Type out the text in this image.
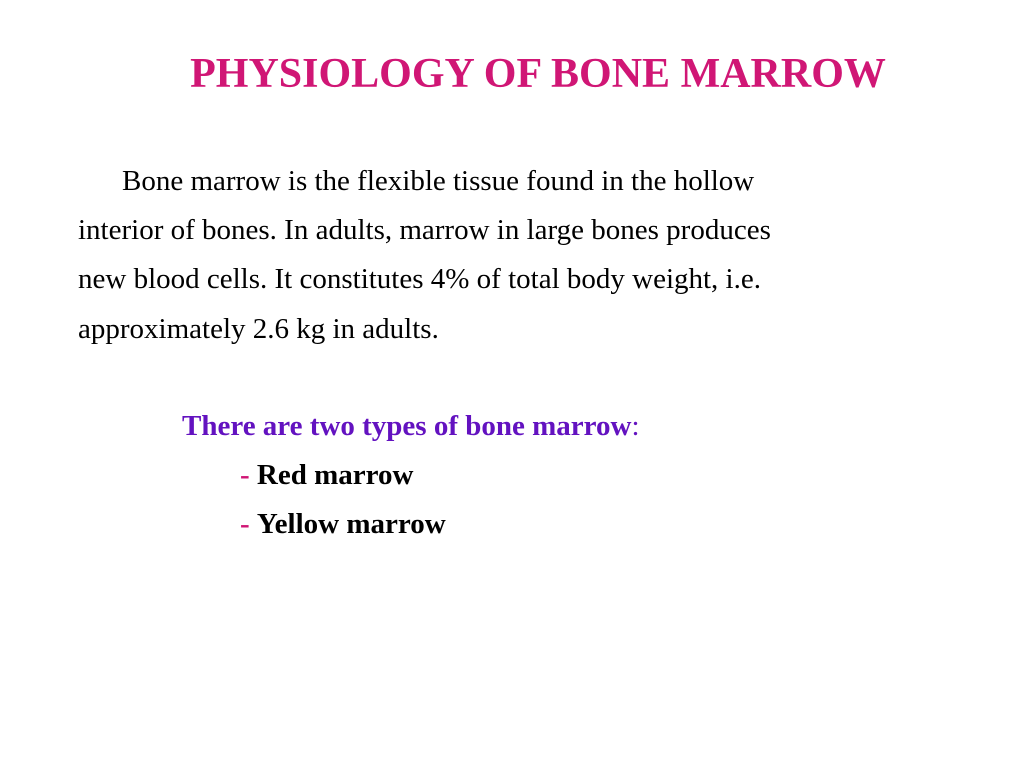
PHYSIOLOGY OF BONE MARROW
Bone marrow is the flexible tissue found in the hollow
interior of bones. In adults, marrow in large bones produces
new blood cells. It constitutes 4% of total body weight, i.e.
approximately 2.6 kg in adults.
There are two types of bone marrow:
- Red marrow
- Yellow marrow
